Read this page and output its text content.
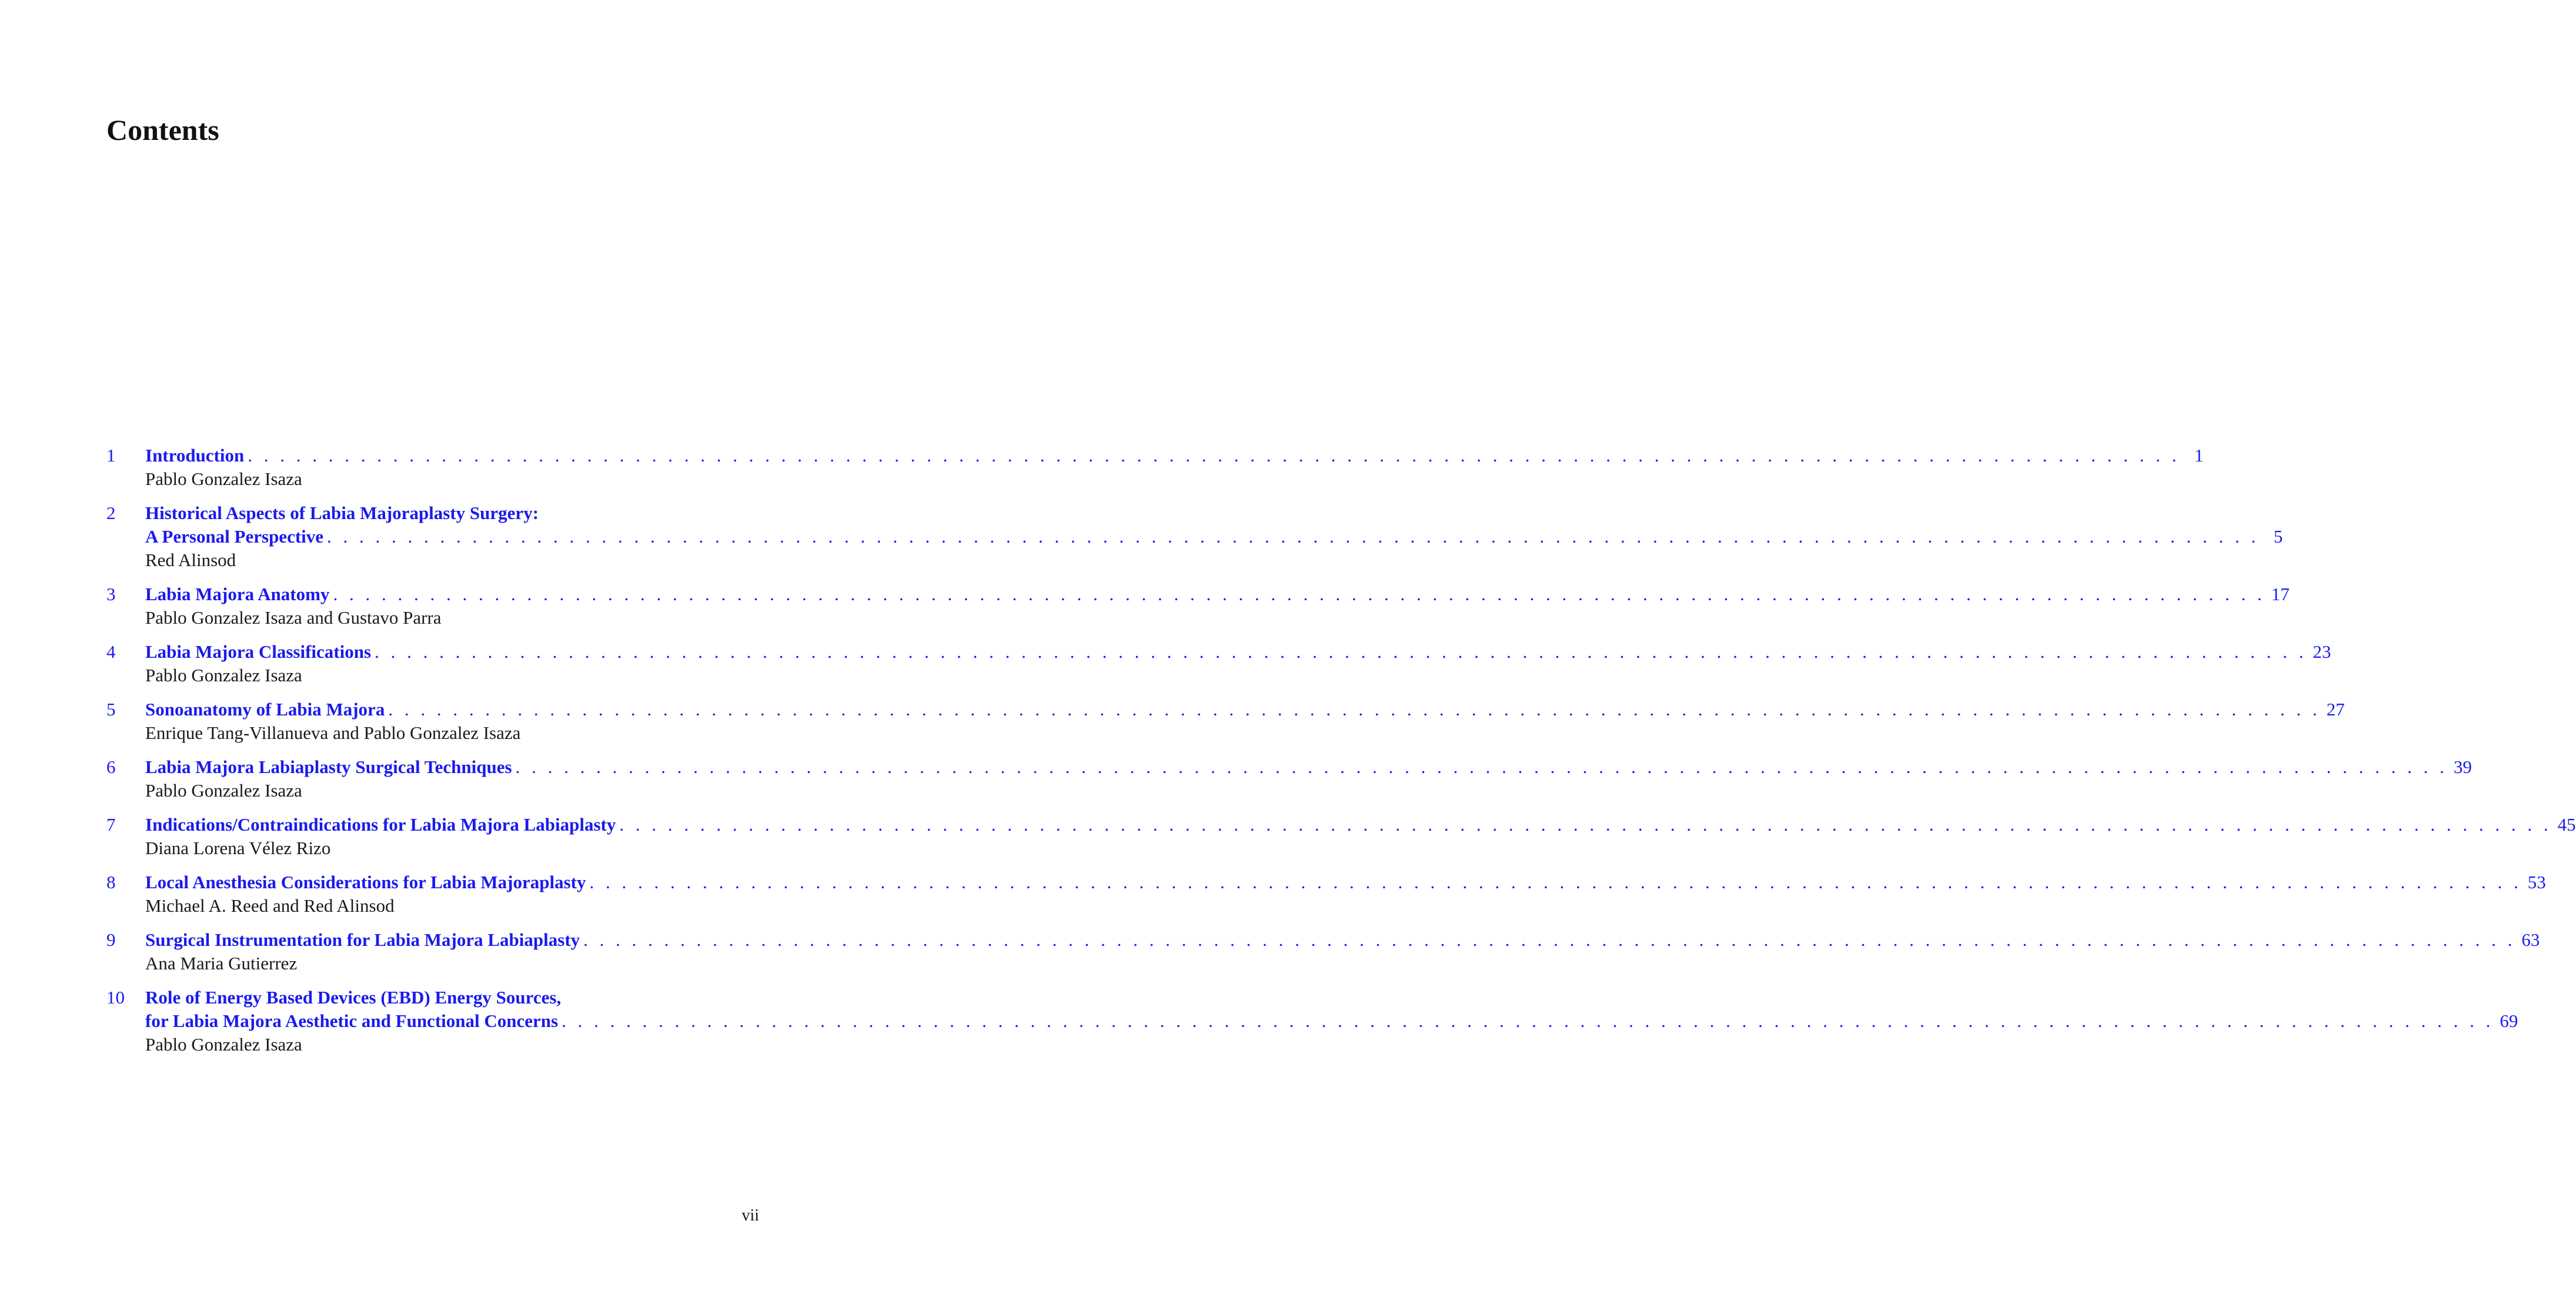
Contents
1	Introduction . . . . . . . . . . . . . . . . . . . . . . . . . . . . . . . . . . . . . . . . . . . . . . . . . . . . . . . . . . . . . . . . . . . . . . . . . . . . . . . . . . . . . . . . . . . . . . . . . . . . . . . . . . . . . . . . . . . . . . . . 1
Pablo Gonzalez Isaza
2	Historical Aspects of Labia Majoraplasty Surgery:
A Personal Perspective . . . . . . . . . . . . . . . . . . . . . . . . . . . . . . . . . . . . . . . . . . . . . . . . . . . . . . . . . . . . . . . . . . . . . . . . . . . . . . . . . . . . . . . . . . . . . . . . . . . . . . . . . . . . . . . . . . . . . . . . 5
Red Alinsod
3	Labia Majora Anatomy . . . . . . . . . . . . . . . . . . . . . . . . . . . . . . . . . . . . . . . . . . . . . . . . . . . . . . . . . . . . . . . . . . . . . . . . . . . . . . . . . . . . . . . . . . . . . . . . . . . . . . . . . . . . . . . . . . . . . . . . 17
Pablo Gonzalez Isaza and Gustavo Parra
4	Labia Majora Classifications . . . . . . . . . . . . . . . . . . . . . . . . . . . . . . . . . . . . . . . . . . . . . . . . . . . . . . . . . . . . . . . . . . . . . . . . . . . . . . . . . . . . . . . . . . . . . . . . . . . . . . . . . . . . . . . . . . . . . . . . 23
Pablo Gonzalez Isaza
5	Sonoanatomy of Labia Majora . . . . . . . . . . . . . . . . . . . . . . . . . . . . . . . . . . . . . . . . . . . . . . . . . . . . . . . . . . . . . . . . . . . . . . . . . . . . . . . . . . . . . . . . . . . . . . . . . . . . . . . . . . . . . . . . . . . . . . . . 27
Enrique Tang-Villanueva and Pablo Gonzalez Isaza
6	Labia Majora Labiaplasty Surgical Techniques . . . . . . . . . . . . . . . . . . . . . . . . . . . . . . . . . . . . . . . . . . . . . . . . . . . . . . . . . . . . . . . . . . . . . . . . . . . . . . . . . . . . . . . . . . . . . . . . . . . . . . . . . . . . . . . . . . . . . . . . 39
Pablo Gonzalez Isaza
7	Indications/Contraindications for Labia Majora Labiaplasty . . . . . . . . . . . . . . . . . . . . . . . . . . . . . . . . . . . . . . . . . . . . . . . . . . . . . . . . . . . . . . . . . . . . . . . . . . . . . . . . . . . . . . . . . . . . . . . . . . . . . . . . . . . . . . . . . . . . . . . . 45
Diana Lorena Vélez Rizo
8	Local Anesthesia Considerations for Labia Majoraplasty . . . . . . . . . . . . . . . . . . . . . . . . . . . . . . . . . . . . . . . . . . . . . . . . . . . . . . . . . . . . . . . . . . . . . . . . . . . . . . . . . . . . . . . . . . . . . . . . . . . . . . . . . . . . . . . . . . . . . . . . 53
Michael A. Reed and Red Alinsod
9	Surgical Instrumentation for Labia Majora Labiaplasty . . . . . . . . . . . . . . . . . . . . . . . . . . . . . . . . . . . . . . . . . . . . . . . . . . . . . . . . . . . . . . . . . . . . . . . . . . . . . . . . . . . . . . . . . . . . . . . . . . . . . . . . . . . . . . . . . . . . . . . . 63
Ana Maria Gutierrez
10	Role of Energy Based Devices (EBD) Energy Sources,
for Labia Majora Aesthetic and Functional Concerns . . . . . . . . . . . . . . . . . . . . . . . . . . . . . . . . . . . . . . . . . . . . . . . . . . . . . . . . . . . . . . . . . . . . . . . . . . . . . . . . . . . . . . . . . . . . . . . . . . . . . . . . . . . . . . . . . . . . . . . . 69
Pablo Gonzalez Isaza
vii
